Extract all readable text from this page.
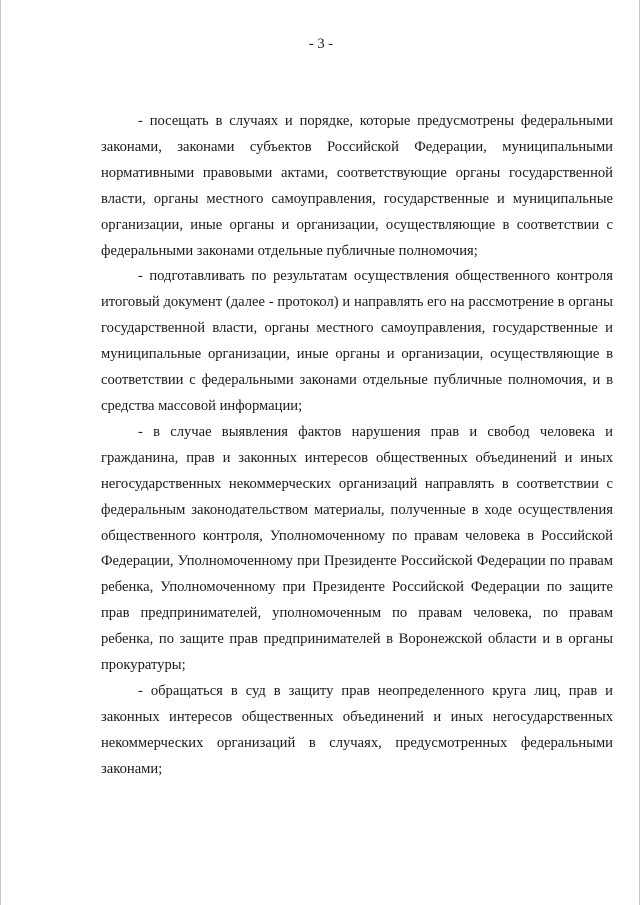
- 3 -

- посещать в случаях и порядке, которые предусмотрены федеральными законами, законами субъектов Российской Федерации, муниципальными нормативными правовыми актами, соответствующие органы государственной власти, органы местного самоуправления, государственные и муниципальные организации, иные органы и организации, осуществляющие в соответствии с федеральными законами отдельные публичные полномочия;

- подготавливать по результатам осуществления общественного контроля итоговый документ (далее - протокол) и направлять его на рассмотрение в органы государственной власти, органы местного самоуправления, государственные и муниципальные организации, иные органы и организации, осуществляющие в соответствии с федеральными законами отдельные публичные полномочия, и в средства массовой информации;

- в случае выявления фактов нарушения прав и свобод человека и гражданина, прав и законных интересов общественных объединений и иных негосударственных некоммерческих организаций направлять в соответствии с федеральным законодательством материалы, полученные в ходе осуществления общественного контроля, Уполномоченному по правам человека в Российской Федерации, Уполномоченному при Президенте Российской Федерации по правам ребенка, Уполномоченному при Президенте Российской Федерации по защите прав предпринимателей, уполномоченным по правам человека, по правам ребенка, по защите прав предпринимателей в Воронежской области и в органы прокуратуры;

- обращаться в суд в защиту прав неопределенного круга лиц, прав и законных интересов общественных объединений и иных негосударственных некоммерческих организаций в случаях, предусмотренных федеральными законами;
